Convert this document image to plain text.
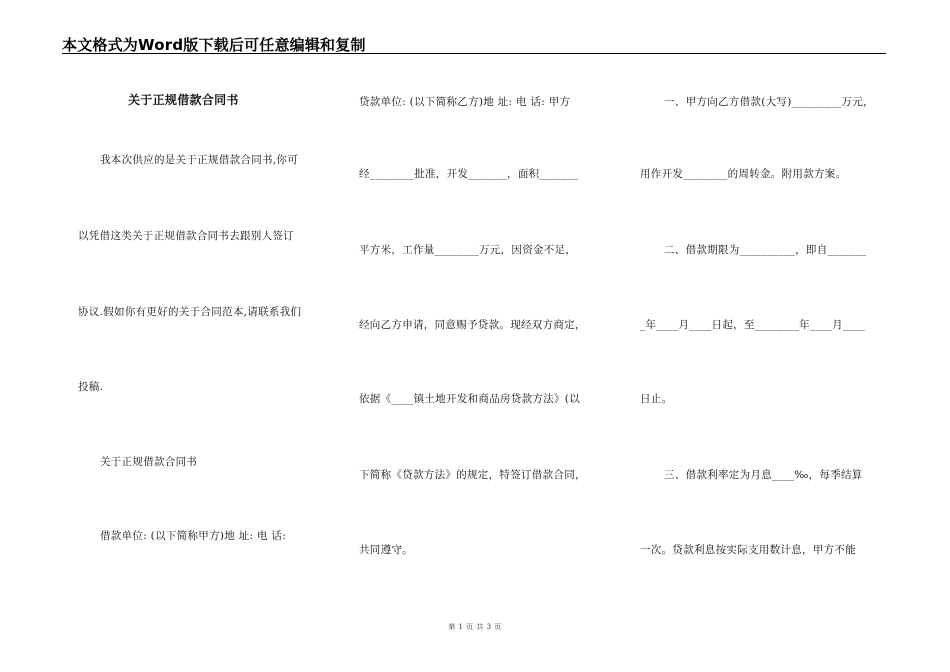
本文格式为Word版下载后可任意编辑和复制
关于正规借款合同书
我本次供应的是关于正规借款合同书,你可
以凭借这类关于正规借款合同书去跟别人签订
协议.假如你有更好的关于合同范本,请联系我们
投稿.
关于正规借款合同书
借款单位: (以下简称甲方)地 址: 电 话:
贷款单位: (以下简称乙方)地 址: 电 话: 甲方
经________批准，开发_______，面积_______
平方米，工作量________万元，因资金不足，
经向乙方申请，同意赐予贷款。现经双方商定，
依据《____镇土地开发和商品房贷款方法》(以
下简称《贷款方法》的规定，特签订借款合同，
共同遵守。
一、甲方向乙方借款(大写)_________万元，
用作开发________的周转金。附用款方案。
二、借款期限为__________，即自_______
_年____月____日起，至________年____月____
日止。
三、借款利率定为月息____‰，每季结算
一次。贷款利息按实际支用数计息，甲方不能
第 1 页 共 3 页
